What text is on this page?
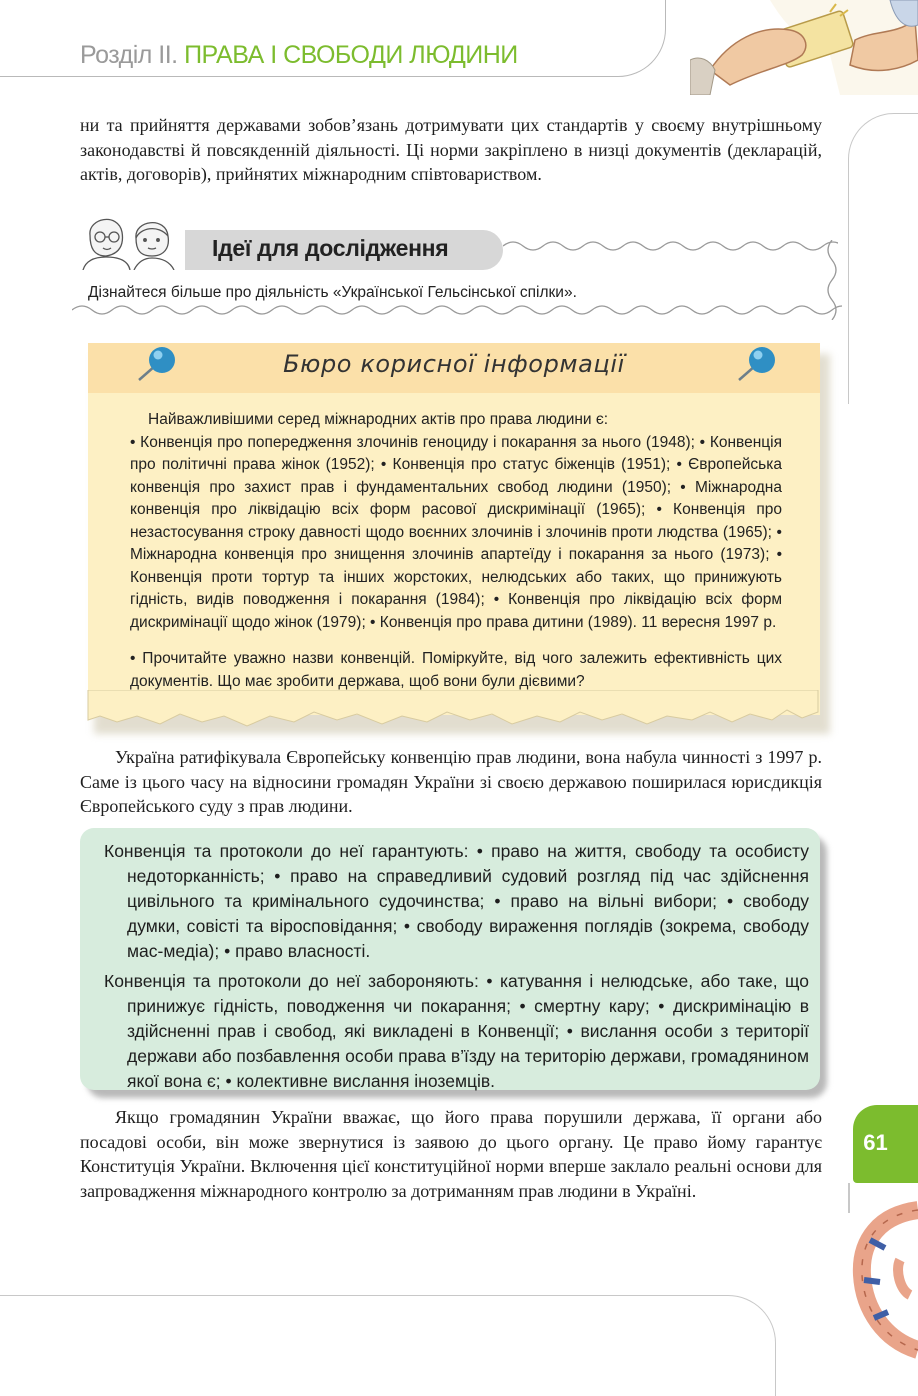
Розділ ІІ. ПРАВА І СВОБОДИ ЛЮДИНИ
ни та прийняття державами зобов’язань дотримувати цих стандартів у своєму внутрішньому законодавстві й повсякденній діяльності. Ці норми закріплено в низці документів (декларацій, актів, договорів), прийнятих міжнародним співтовариством.
Ідеї для дослідження
Дізнайтеся більше про діяльність «Української Гельсінської спілки».
Бюро корисної інформації

Найважливішими серед міжнародних актів про права людини є:

• Конвенція про попередження злочинів геноциду і покарання за нього (1948); • Конвенція про політичні права жінок (1952); • Конвенція про статус біженців (1951); • Європейська конвенція про захист прав і фундаментальних свобод людини (1950); • Міжнародна конвенція про ліквідацію всіх форм расової дискримінації (1965); • Конвенція про незастосування строку давності щодо воєнних злочинів і злочинів проти людства (1965); • Міжнародна конвенція про знищення злочинів апартеїду і покарання за нього (1973); • Конвенція проти тортур та інших жорстоких, нелюдських або таких, що принижують гідність, видів поводження і покарання (1984); • Конвенція про ліквідацію всіх форм дискримінації щодо жінок (1979); • Конвенція про права дитини (1989). 11 вересня 1997 р.

• Прочитайте уважно назви конвенцій. Поміркуйте, від чого залежить ефективність цих документів. Що має зробити держава, щоб вони були дієвими?

Україна ратифікувала Європейську конвенцію прав людини, вона набула чинності з 1997 р. Саме із цього часу на відносини громадян України зі своєю державою поширилася юрисдикція Європейського суду з прав людини.

Конвенція та протоколи до неї гарантують: • право на життя, свободу та особисту недоторканність; • право на справедливий судовий розгляд під час здійснення цивільного та кримінального судочинства; • право на вільні вибори; • свободу думки, совісті та віросповідання; • свободу вираження поглядів (зокрема, свободу мас-медіа); • право власності.

Конвенція та протоколи до неї забороняють: • катування і нелюдське, або таке, що принижує гідність, поводження чи покарання; • смертну кару; • дискримінацію в здійсненні прав і свобод, які викладені в Конвенції; • вислання особи з території держави або позбавлення особи права в’їзду на територію держави, громадянином якої вона є; • колективне вислання іноземців.

Якщо громадянин України вважає, що його права порушили держава, її органи або посадові особи, він може звернутися із заявою до цього органу. Це право йому гарантує Конституція України. Включення цієї конституційної норми вперше заклало реальні основи для запровадження міжнародного контролю за дотриманням прав людини в Україні.
61
